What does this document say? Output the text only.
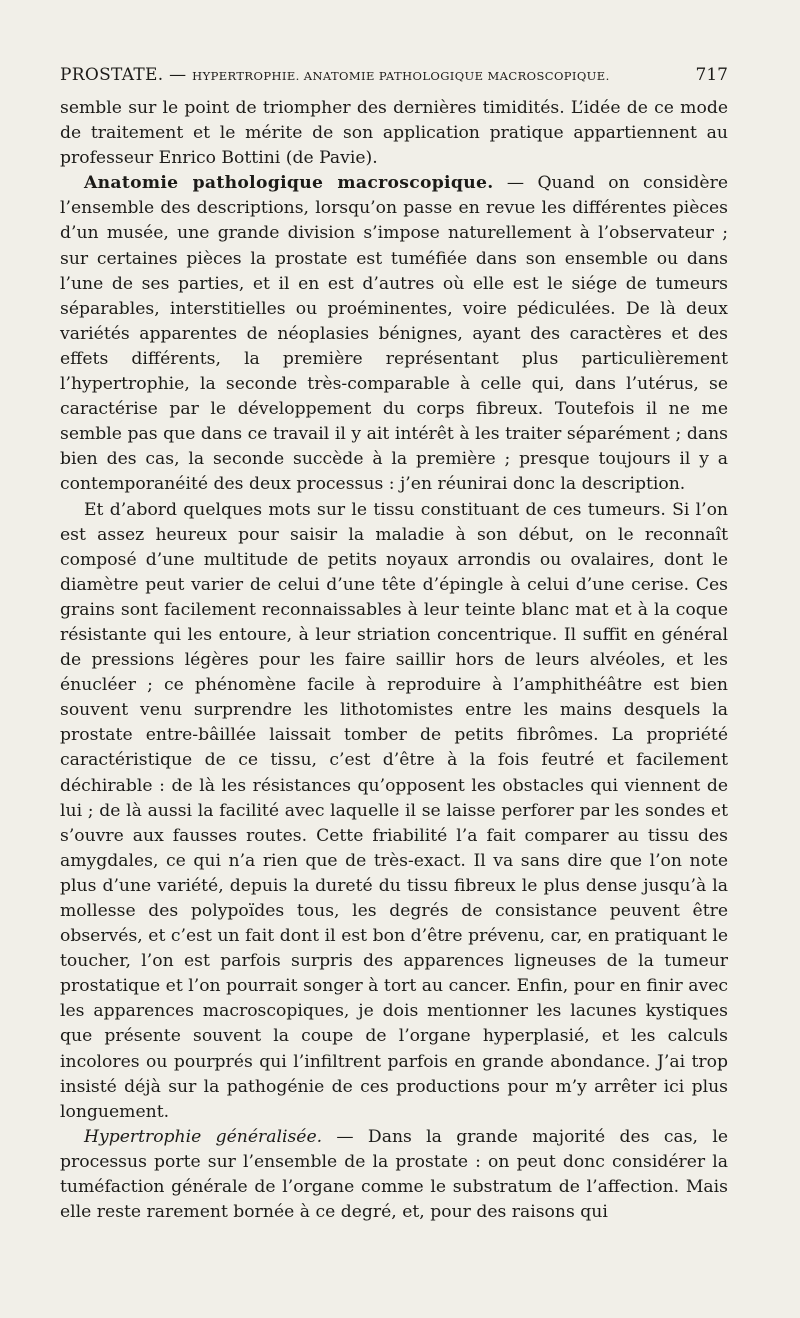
PROSTATE. — HYPERTROPHIE. ANATOMIE PATHOLOGIQUE MACROSCOPIQUE.	717

semble sur le point de triompher des dernières timidités. L’idée de ce mode de traitement et le mérite de son application pratique appartiennent au professeur Enrico Bottini (de Pavie).

Anatomie pathologique macroscopique. — Quand on considère l’ensemble des descriptions, lorsqu’on passe en revue les différentes pièces d’un musée, une grande division s’impose naturellement à l’observateur ; sur certaines pièces la prostate est tuméfiée dans son ensemble ou dans l’une de ses parties, et il en est d’autres où elle est le siége de tumeurs séparables, interstitielles ou proéminentes, voire pédiculées. De là deux variétés apparentes de néoplasies bénignes, ayant des caractères et des effets différents, la première représentant plus particulièrement l’hypertrophie, la seconde très-comparable à celle qui, dans l’utérus, se caractérise par le développement du corps fibreux. Toutefois il ne me semble pas que dans ce travail il y ait intérêt à les traiter séparément ; dans bien des cas, la seconde succède à la première ; presque toujours il y a contemporanéité des deux processus : j’en réunirai donc la description.

Et d’abord quelques mots sur le tissu constituant de ces tumeurs. Si l’on est assez heureux pour saisir la maladie à son début, on le reconnaît composé d’une multitude de petits noyaux arrondis ou ovalaires, dont le diamètre peut varier de celui d’une tête d’épingle à celui d’une cerise. Ces grains sont facilement reconnaissables à leur teinte blanc mat et à la coque résistante qui les entoure, à leur striation concentrique. Il suffit en général de pressions légères pour les faire saillir hors de leurs alvéoles, et les énucléer ; ce phénomène facile à reproduire à l’amphithéâtre est bien souvent venu surprendre les lithotomistes entre les mains desquels la prostate entre-bâillée laissait tomber de petits fibrômes. La propriété caractéristique de ce tissu, c’est d’être à la fois feutré et facilement déchirable : de là les résistances qu’opposent les obstacles qui viennent de lui ; de là aussi la facilité avec laquelle il se laisse perforer par les sondes et s’ouvre aux fausses routes. Cette friabilité l’a fait comparer au tissu des amygdales, ce qui n’a rien que de très-exact. Il va sans dire que l’on note plus d’une variété, depuis la dureté du tissu fibreux le plus dense jusqu’à la mollesse des polypoïdes tous, les degrés de consistance peuvent être observés, et c’est un fait dont il est bon d’être prévenu, car, en pratiquant le toucher, l’on est parfois surpris des apparences ligneuses de la tumeur prostatique et l’on pourrait songer à tort au cancer. Enfin, pour en finir avec les apparences macroscopiques, je dois mentionner les lacunes kystiques que présente souvent la coupe de l’organe hyperplasié, et les calculs incolores ou pourprés qui l’infiltrent parfois en grande abondance. J’ai trop insisté déjà sur la pathogénie de ces productions pour m’y arrêter ici plus longuement.

Hypertrophie généralisée. — Dans la grande majorité des cas, le processus porte sur l’ensemble de la prostate : on peut donc considérer la tuméfaction générale de l’organe comme le substratum de l’affection. Mais elle reste rarement bornée à ce degré, et, pour des raisons qui
